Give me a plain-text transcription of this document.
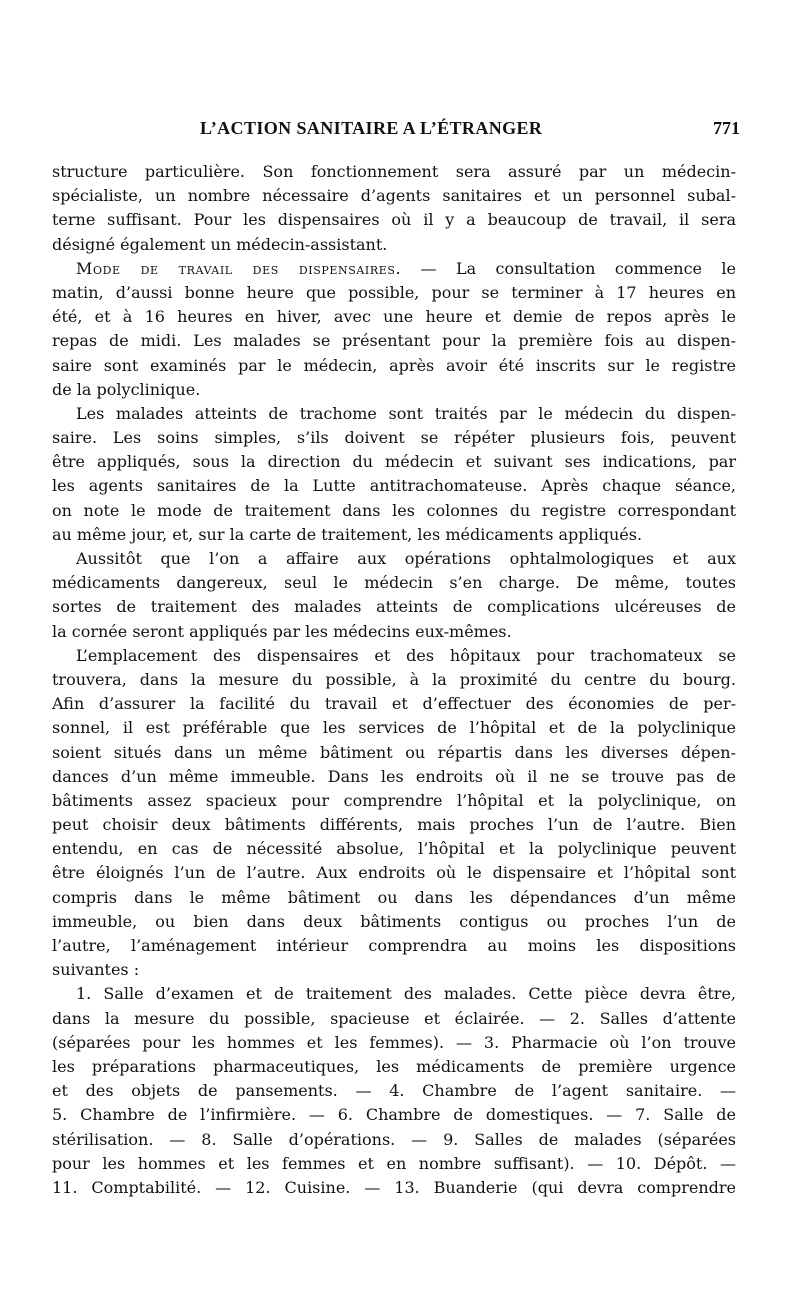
L’ACTION SANITAIRE A L’ÉTRANGER	771
structure particulière. Son fonctionnement sera assuré par un médecin-
spécialiste, un nombre nécessaire d’agents sanitaires et un personnel subal-
terne suffisant. Pour les dispensaires où il y a beaucoup de travail, il sera
désigné également un médecin-assistant.
Mode de travail des dispensaires. — La consultation commence le
matin, d’aussi bonne heure que possible, pour se terminer à 17 heures en
été, et à 16 heures en hiver, avec une heure et demie de repos après le
repas de midi. Les malades se présentant pour la première fois au dispen-
saire sont examinés par le médecin, après avoir été inscrits sur le registre
de la polyclinique.
Les malades atteints de trachome sont traités par le médecin du dispen-
saire. Les soins simples, s’ils doivent se répéter plusieurs fois, peuvent
être appliqués, sous la direction du médecin et suivant ses indications, par
les agents sanitaires de la Lutte antitrachomateuse. Après chaque séance,
on note le mode de traitement dans les colonnes du registre correspondant
au même jour, et, sur la carte de traitement, les médicaments appliqués.
Aussitôt que l’on a affaire aux opérations ophtalmologiques et aux
médicaments dangereux, seul le médecin s’en charge. De même, toutes
sortes de traitement des malades atteints de complications ulcéreuses de
la cornée seront appliqués par les médecins eux-mêmes.
L’emplacement des dispensaires et des hôpitaux pour trachomateux se
trouvera, dans la mesure du possible, à la proximité du centre du bourg.
Afin d’assurer la facilité du travail et d’effectuer des économies de per-
sonnel, il est préférable que les services de l’hôpital et de la polyclinique
soient situés dans un même bâtiment ou répartis dans les diverses dépen-
dances d’un même immeuble. Dans les endroits où il ne se trouve pas de
bâtiments assez spacieux pour comprendre l’hôpital et la polyclinique, on
peut choisir deux bâtiments différents, mais proches l’un de l’autre. Bien
entendu, en cas de nécessité absolue, l’hôpital et la polyclinique peuvent
être éloignés l’un de l’autre. Aux endroits où le dispensaire et l’hôpital sont
compris dans le même bâtiment ou dans les dépendances d’un même
immeuble, ou bien dans deux bâtiments contigus ou proches l’un de
l’autre, l’aménagement intérieur comprendra au moins les dispositions
suivantes :
1. Salle d’examen et de traitement des malades. Cette pièce devra être,
dans la mesure du possible, spacieuse et éclairée. — 2. Salles d’attente
(séparées pour les hommes et les femmes). — 3. Pharmacie où l’on trouve
les préparations pharmaceutiques, les médicaments de première urgence
et des objets de pansements. — 4. Chambre de l’agent sanitaire. —
5. Chambre de l’infirmière. — 6. Chambre de domestiques. — 7. Salle de
stérilisation. — 8. Salle d’opérations. — 9. Salles de malades (séparées
pour les hommes et les femmes et en nombre suffisant). — 10. Dépôt. —
11. Comptabilité. — 12. Cuisine. — 13. Buanderie (qui devra comprendre
